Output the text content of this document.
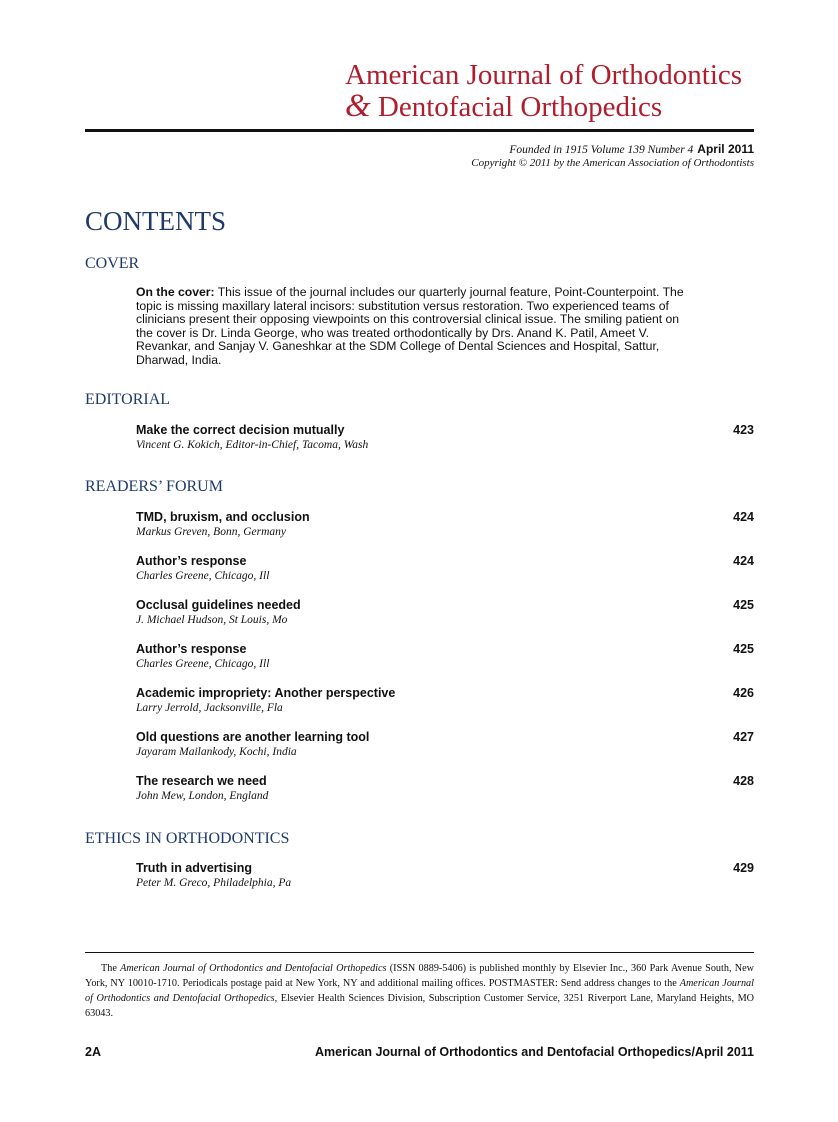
American Journal of Orthodontics
& Dentofacial Orthopedics
Founded in 1915 Volume 139 Number 4 April 2011
Copyright © 2011 by the American Association of Orthodontists
CONTENTS
COVER
On the cover: This issue of the journal includes our quarterly journal feature, Point-Counterpoint. The topic is missing maxillary lateral incisors: substitution versus restoration. Two experienced teams of clinicians present their opposing viewpoints on this controversial clinical issue. The smiling patient on the cover is Dr. Linda George, who was treated orthodontically by Drs. Anand K. Patil, Ameet V. Revankar, and Sanjay V. Ganeshkar at the SDM College of Dental Sciences and Hospital, Sattur, Dharwad, India.
EDITORIAL
Make the correct decision mutually	423
Vincent G. Kokich, Editor-in-Chief, Tacoma, Wash
READERS’ FORUM
TMD, bruxism, and occlusion	424
Markus Greven, Bonn, Germany
Author’s response	424
Charles Greene, Chicago, Ill
Occlusal guidelines needed	425
J. Michael Hudson, St Louis, Mo
Author’s response	425
Charles Greene, Chicago, Ill
Academic impropriety: Another perspective	426
Larry Jerrold, Jacksonville, Fla
Old questions are another learning tool	427
Jayaram Mailankody, Kochi, India
The research we need	428
John Mew, London, England
ETHICS IN ORTHODONTICS
Truth in advertising	429
Peter M. Greco, Philadelphia, Pa
The American Journal of Orthodontics and Dentofacial Orthopedics (ISSN 0889-5406) is published monthly by Elsevier Inc., 360 Park Avenue South, New York, NY 10010-1710. Periodicals postage paid at New York, NY and additional mailing offices. POSTMASTER: Send address changes to the American Journal of Orthodontics and Dentofacial Orthopedics, Elsevier Health Sciences Division, Subscription Customer Service, 3251 Riverport Lane, Maryland Heights, MO 63043.
2A	American Journal of Orthodontics and Dentofacial Orthopedics/April 2011
